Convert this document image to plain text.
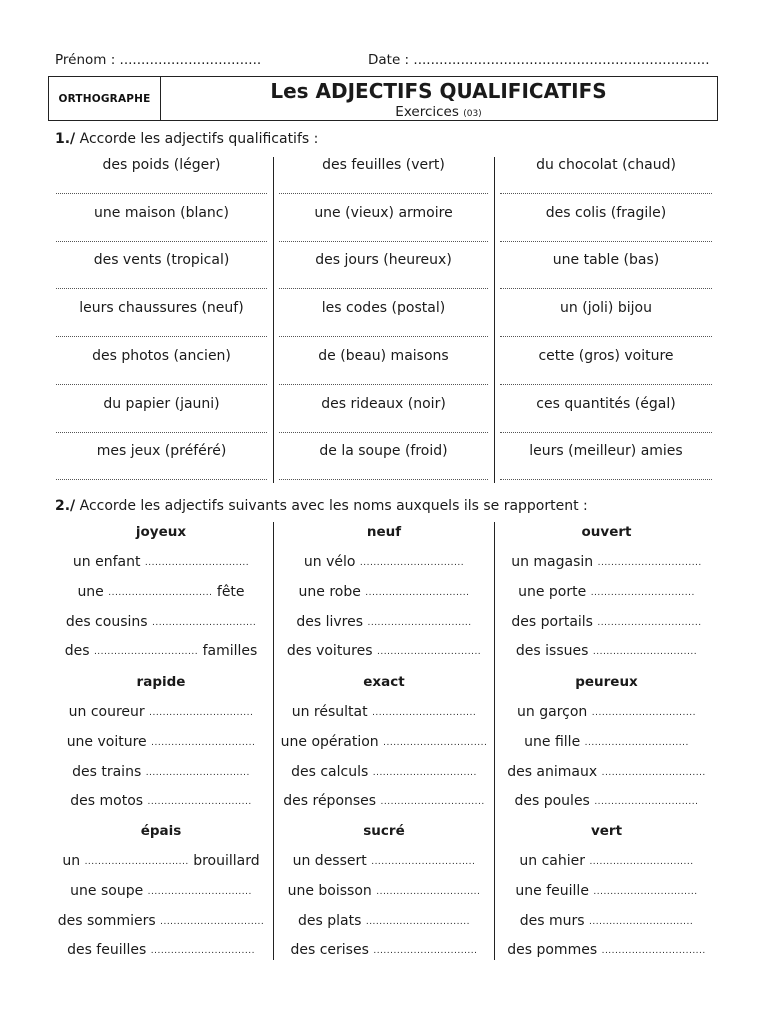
Prénom : .................................	Date : .....................................................................
ORTHOGRAPHE	Les ADJECTIFS QUALIFICATIFS
Exercices (03)
1./ Accorde les adjectifs qualificatifs :
des poids (léger)
une maison (blanc)
des vents (tropical)
leurs chaussures (neuf)
des photos (ancien)
du papier (jauni)
mes jeux (préféré)
des feuilles (vert)
une (vieux) armoire
des jours (heureux)
les codes (postal)
de (beau) maisons
des rideaux (noir)
de la soupe (froid)
du chocolat (chaud)
des colis (fragile)
une table (bas)
un (joli) bijou
cette (gros) voiture
ces quantités (égal)
leurs (meilleur) amies
2./ Accorde les adjectifs suivants avec les noms auxquels ils se rapportent :
joyeux
un enfant ...............................
une ............................... fête
des cousins ...............................
des ............................... familles
neuf
un vélo ...............................
une robe ...............................
des livres ...............................
des voitures ...............................
ouvert
un magasin ...............................
une porte ...............................
des portails ...............................
des issues ...............................
rapide
un coureur ...............................
une voiture ...............................
des trains ...............................
des motos ...............................
exact
un résultat ...............................
une opération ...............................
des calculs ...............................
des réponses ...............................
peureux
un garçon ...............................
une fille ...............................
des animaux ...............................
des poules ...............................
épais
un ............................... brouillard
une soupe ...............................
des sommiers ...............................
des feuilles ...............................
sucré
un dessert ...............................
une boisson ...............................
des plats ...............................
des cerises ...............................
vert
un cahier ...............................
une feuille ...............................
des murs ...............................
des pommes ...............................
